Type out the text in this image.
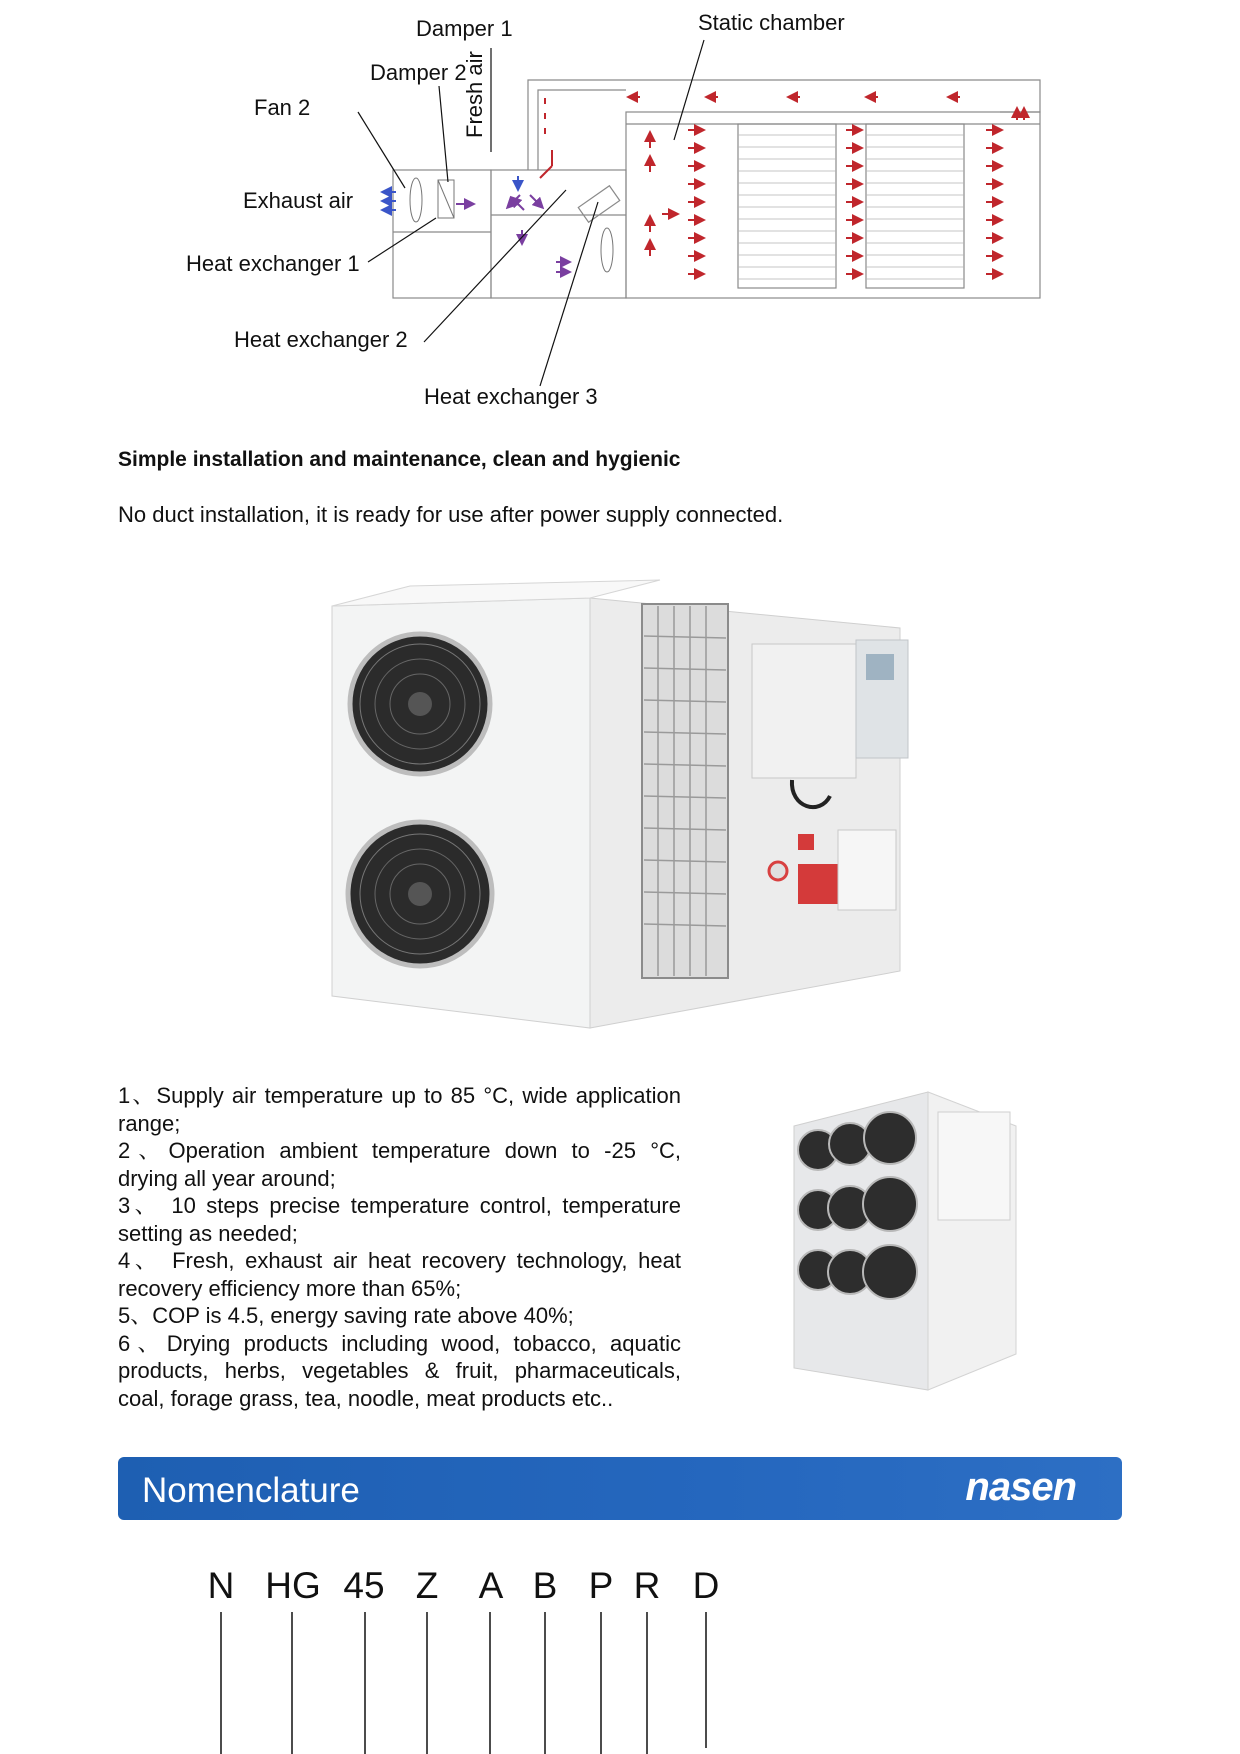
Damper 1	Static chamber
Damper 2
Fresh air
Fan 2
Exhaust air
Heat exchanger 1
Heat exchanger 2
Heat exchanger 3
Simple installation and maintenance, clean and hygienic
No duct installation, it is ready for use after power supply connected.
1、Supply air temperature up to 85 °C, wide application range;
2、Operation ambient temperature down to -25 °C, drying all year around;
3、 10 steps precise temperature control, temperature setting as needed;
4、 Fresh, exhaust air heat recovery technology, heat recovery efficiency more than 65%;
5、COP is 4.5, energy saving rate above 40%;
6、Drying products including wood, tobacco, aquatic products, herbs, vegetables & fruit, pharmaceuticals, coal, forage grass, tea, noodle, meat products etc..
Nomenclature	nasen
N HG 45 Z A B P R D
